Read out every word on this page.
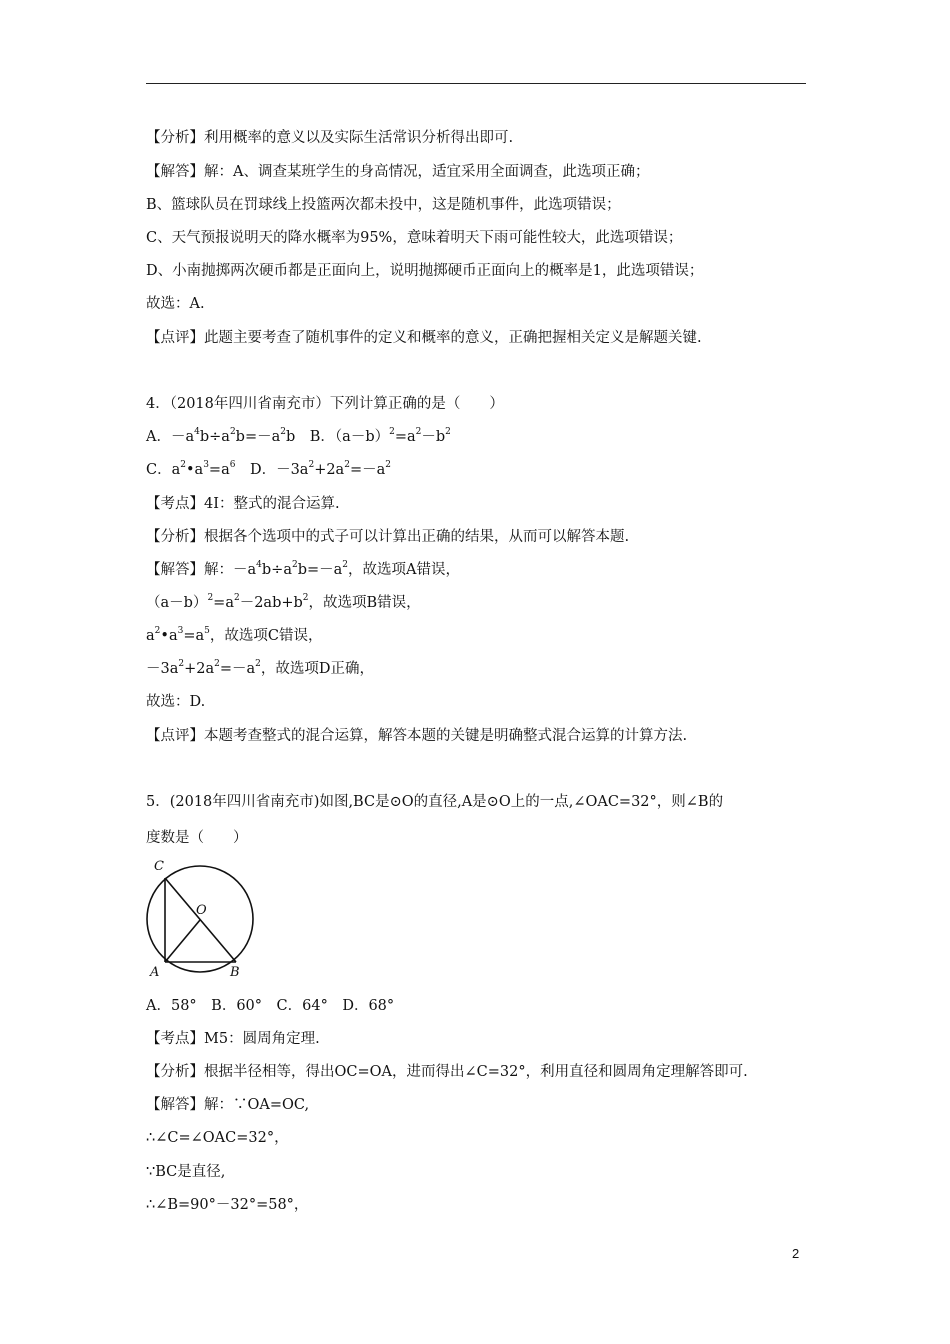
【分析】利用概率的意义以及实际生活常识分析得出即可.
【解答】解：A、调查某班学生的身高情况，适宜采用全面调查，此选项正确；
B、篮球队员在罚球线上投篮两次都未投中，这是随机事件，此选项错误；
C、天气预报说明天的降水概率为95%，意味着明天下雨可能性较大，此选项错误；
D、小南抛掷两次硬币都是正面向上，说明抛掷硬币正面向上的概率是1，此选项错误；
故选：A.
【点评】此题主要考查了随机事件的定义和概率的意义，正确把握相关定义是解题关键.
4．（2018年四川省南充市）下列计算正确的是（　　）
A．$-a^4b\div a^2b=-a^2b$　B．$(a-b)^2=a^2-b^2$
C．$a^2•a^3=a^6$　D．$-3a^2+2a^2=-a^2$
【考点】4I：整式的混合运算.
【分析】根据各个选项中的式子可以计算出正确的结果，从而可以解答本题.
【解答】解：$-a^4b\div a^2b=-a^2$，故选项A错误，
$(a-b)^2=a^2-2ab+b^2$，故选项B错误，
$a^2•a^3=a^5$，故选项C错误，
$-3a^2+2a^2=-a^2$，故选项D正确，
故选：D.
【点评】本题考查整式的混合运算，解答本题的关键是明确整式混合运算的计算方法.
5．(2018年四川省南充市)如图,BC是⊙O的直径,A是⊙O上的一点,∠OAC=32°，则∠B的
度数是（　　）
C
O
A	B
A．58°　B．60°　C．64°　D．68°
【考点】M5：圆周角定理.
【分析】根据半径相等，得出OC=OA，进而得出∠C=32°，利用直径和圆周角定理解答即可.
【解答】解：∵OA=OC,
∴∠C=∠OAC=32°，
∵BC是直径,
∴∠B=90°－32°=58°，
2
